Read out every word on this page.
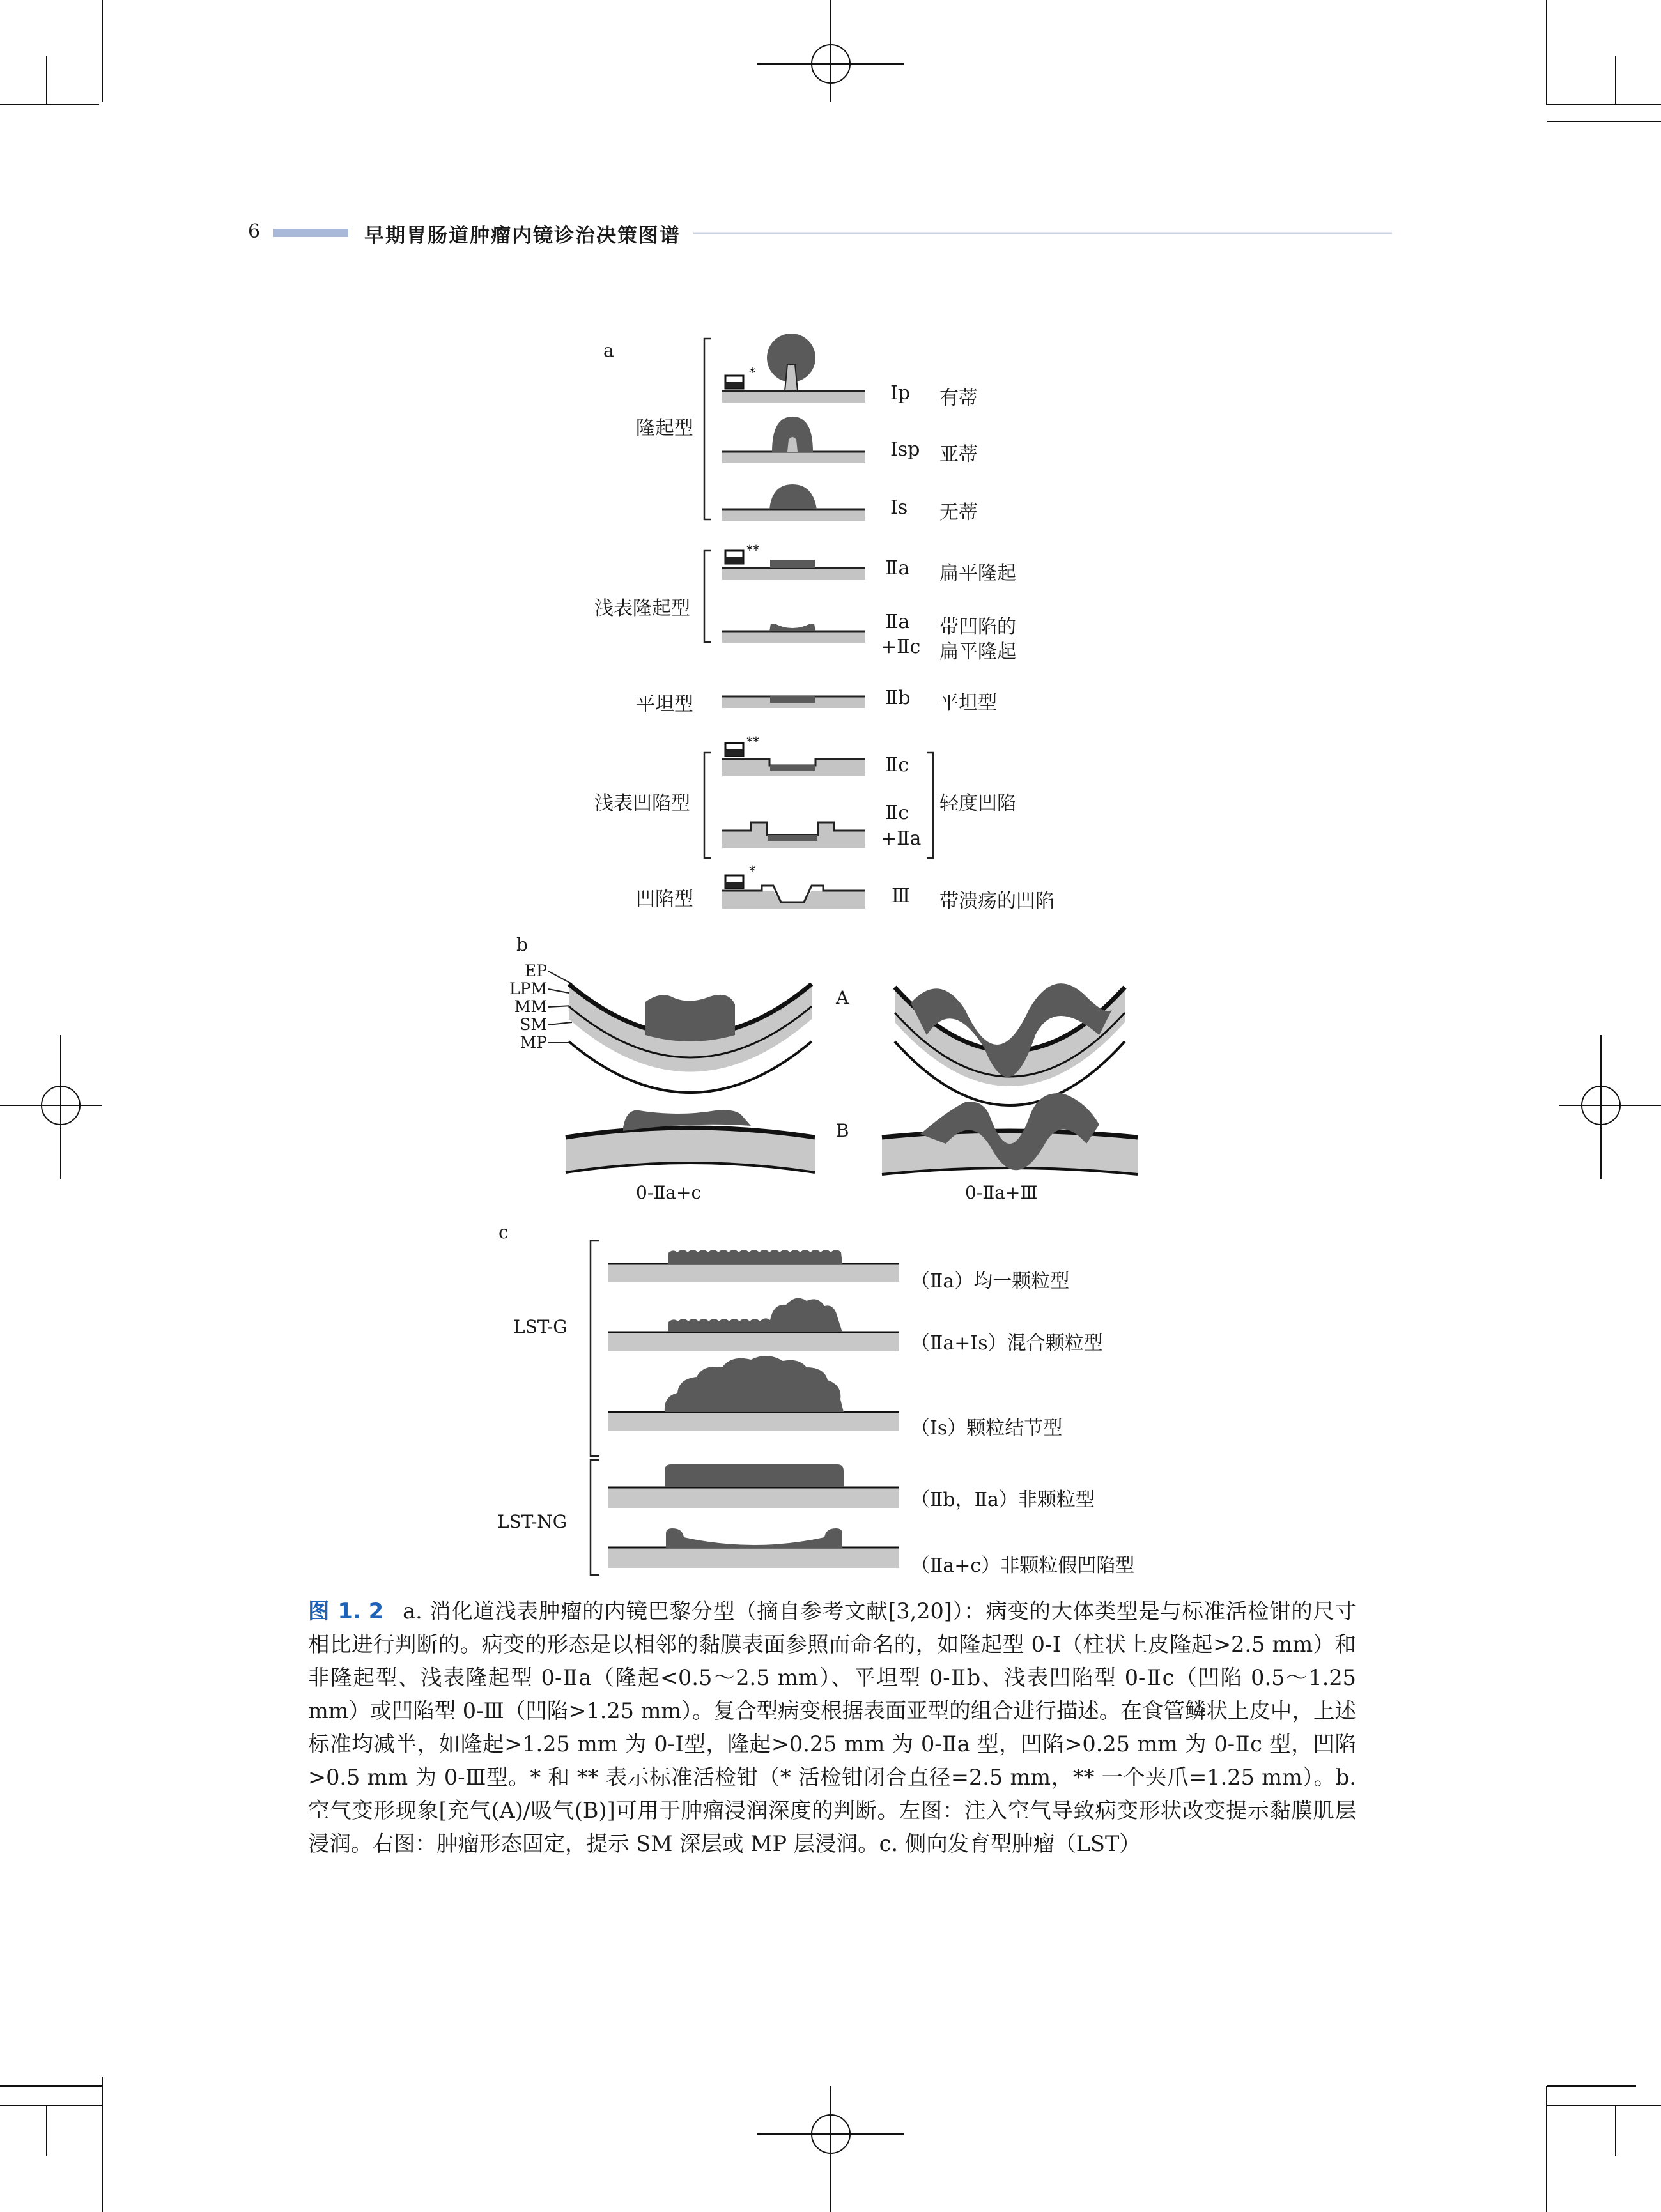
*
**
**
*
6	早期胃肠道肿瘤内镜诊治决策图谱
a
隆起型
浅表隆起型
平坦型
浅表凹陷型
凹陷型
Ⅰp 有蒂
Ⅰsp 亚蒂
Ⅰs 无蒂
Ⅱa 扁平隆起
Ⅱa
+Ⅱc
带凹陷的
扁平隆起
Ⅱb 平坦型
Ⅱc
Ⅱc
+Ⅱa
轻度凹陷
Ⅲ 带溃疡的凹陷
b
EP
LPM
MM
SM
MP
A
B
0-Ⅱa+c	0-Ⅱa+Ⅲ
c
LST-G
LST-NG
（Ⅱa）均一颗粒型
（Ⅱa+Ⅰs）混合颗粒型
（Ⅰs）颗粒结节型
（Ⅱb，Ⅱa）非颗粒型
（Ⅱa+c）非颗粒假凹陷型
图 1. 2 a. 消化道浅表肿瘤的内镜巴黎分型（摘自参考文献[3,20]）：病变的大体类型是与标准活检钳的尺寸相比进行判断的。病变的形态是以相邻的黏膜表面参照而命名的，如隆起型 0-Ⅰ（柱状上皮隆起>2.5 mm）和非隆起型、浅表隆起型 0-Ⅱa（隆起<0.5～2.5 mm）、平坦型 0-Ⅱb、浅表凹陷型 0-Ⅱc（凹陷 0.5～1.25 mm）或凹陷型 0-Ⅲ（凹陷>1.25 mm）。复合型病变根据表面亚型的组合进行描述。在食管鳞状上皮中，上述标准均减半，如隆起>1.25 mm 为 0-Ⅰ型，隆起>0.25 mm 为 0-Ⅱa 型，凹陷>0.25 mm 为 0-Ⅱc 型，凹陷>0.5 mm 为 0-Ⅲ型。* 和 ** 表示标准活检钳（* 活检钳闭合直径=2.5 mm，** 一个夹爪=1.25 mm）。b. 空气变形现象[充气(A)/吸气(B)]可用于肿瘤浸润深度的判断。左图：注入空气导致病变形状改变提示黏膜肌层浸润。右图：肿瘤形态固定，提示 SM 深层或 MP 层浸润。c. 侧向发育型肿瘤（LST）
